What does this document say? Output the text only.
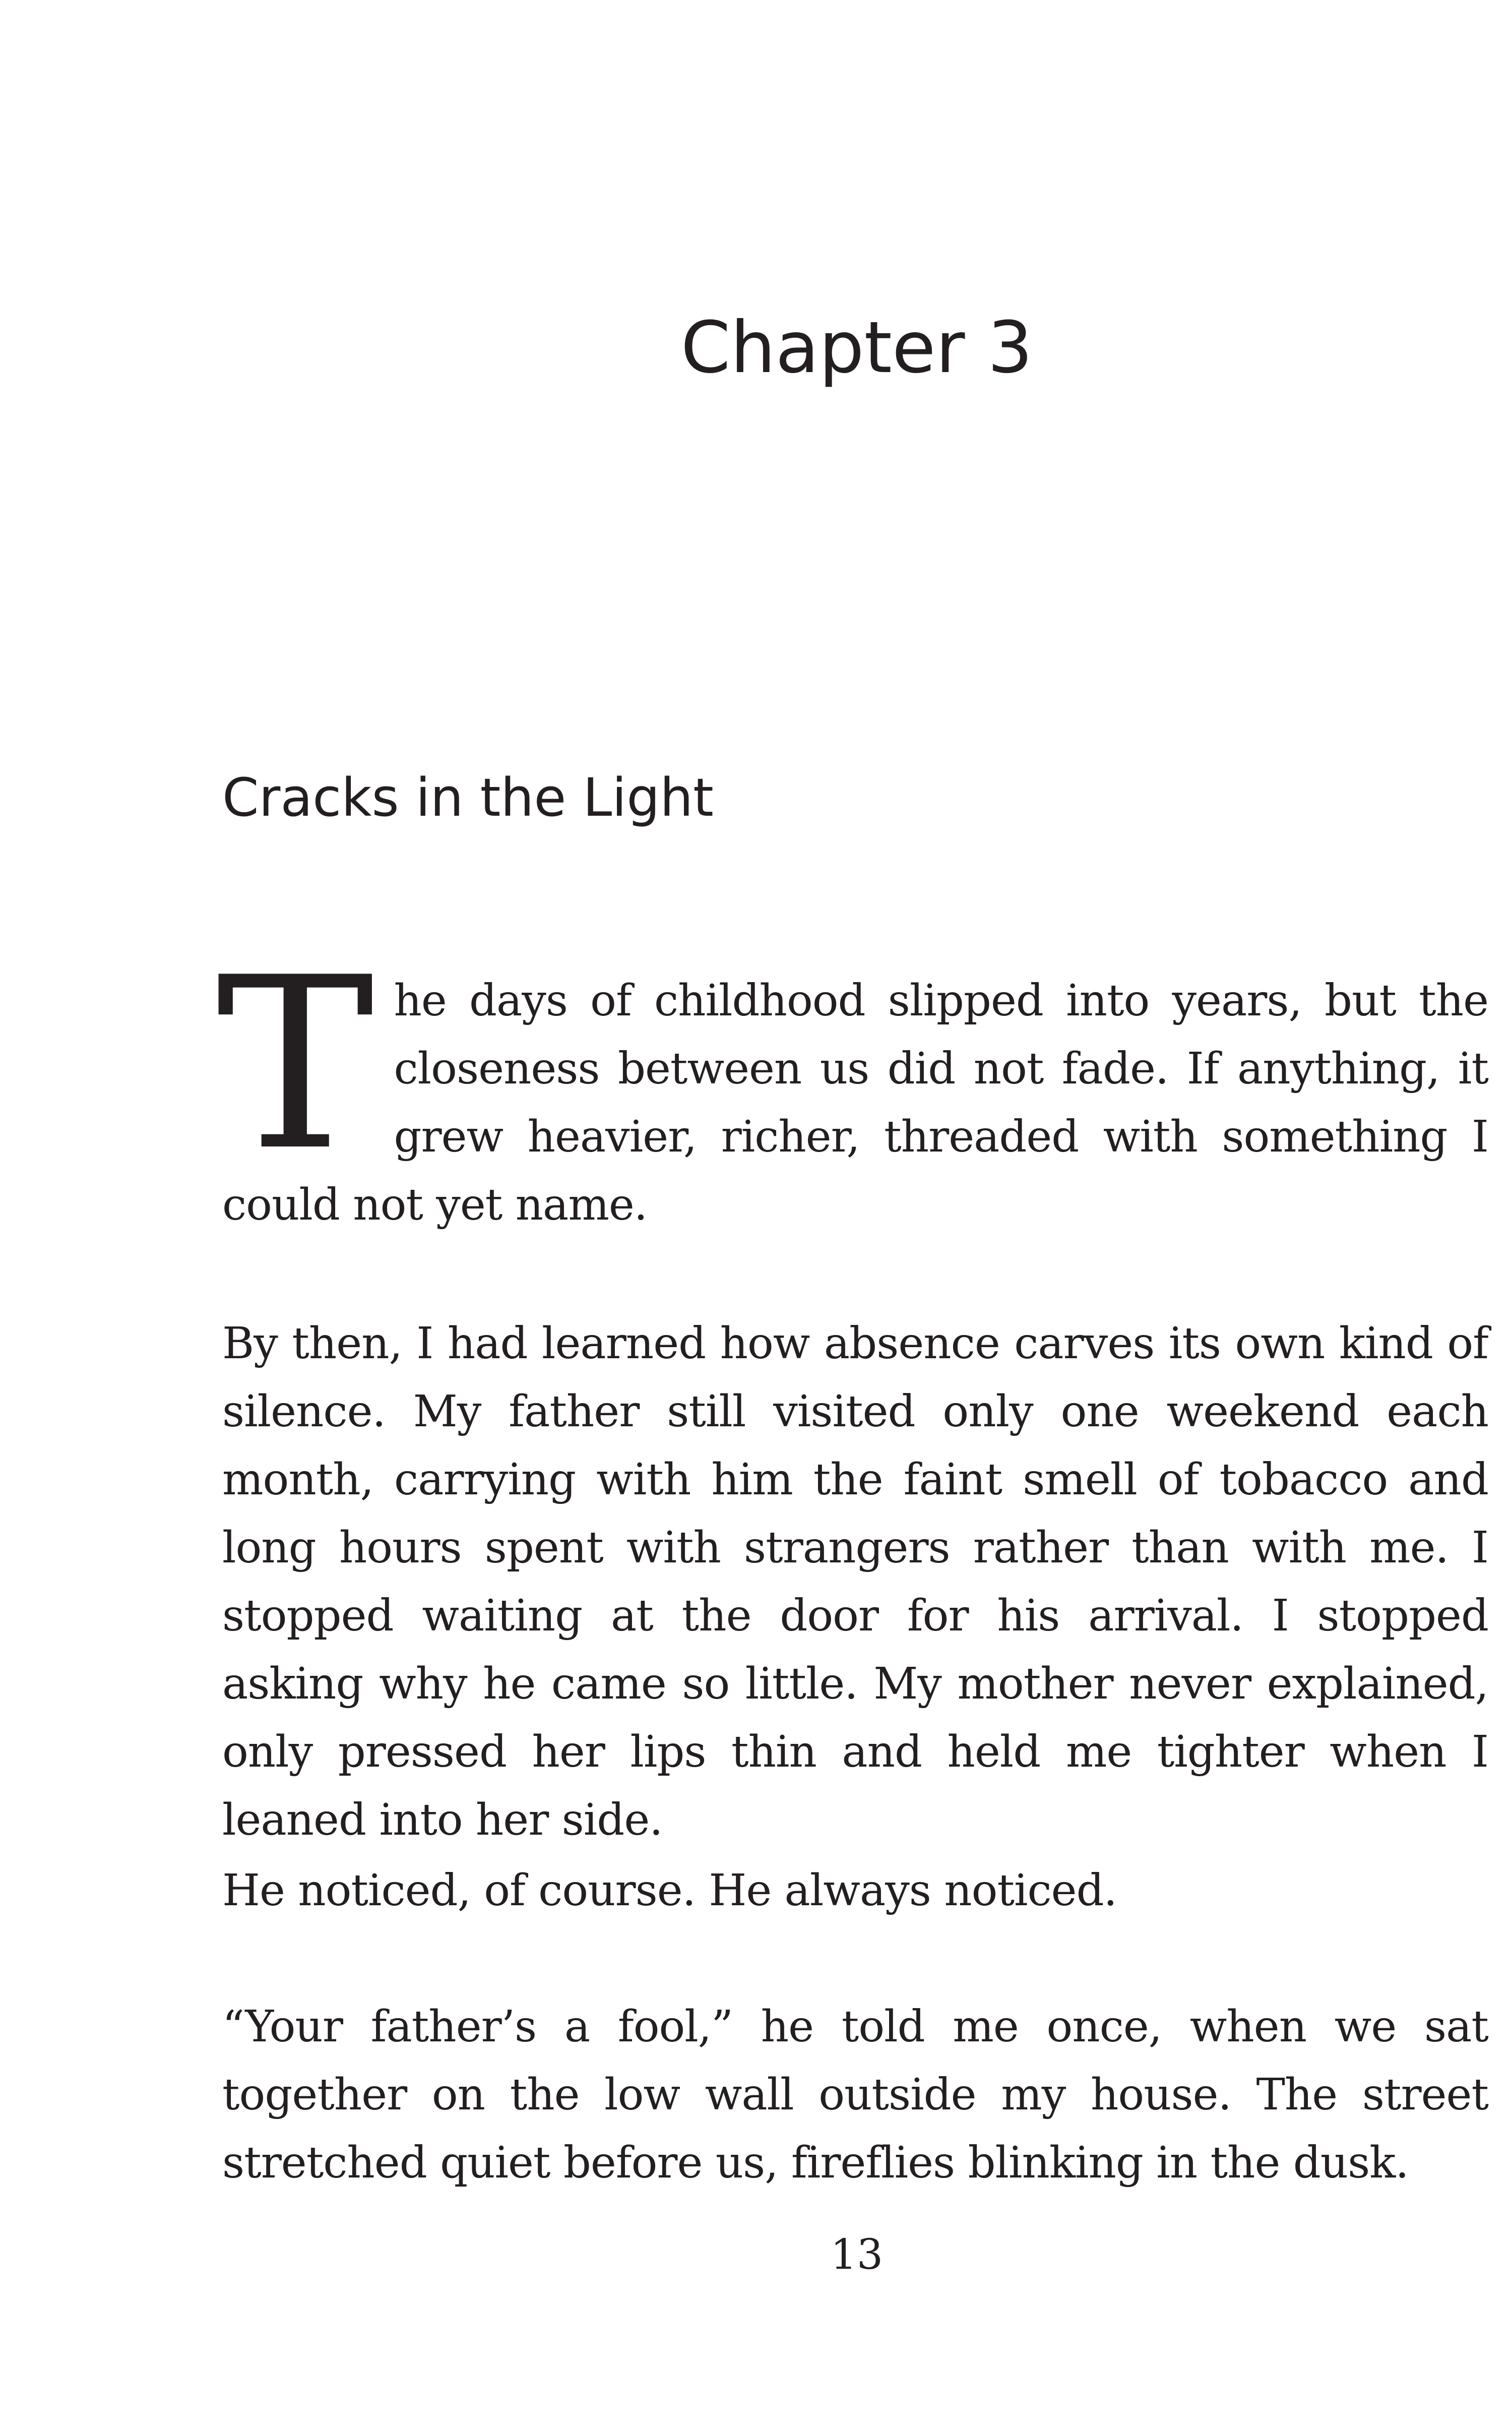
Chapter 3
Cracks in the Light

The days of childhood slipped into years, but the closeness between us did not fade. If anything, it grew heavier, richer, threaded with something I could not yet name.

By then, I had learned how absence carves its own kind of silence. My father still visited only one weekend each month, carrying with him the faint smell of tobacco and long hours spent with strangers rather than with me. I stopped waiting at the door for his arrival. I stopped asking why he came so little. My mother never explained, only pressed her lips thin and held me tighter when I leaned into her side.

He noticed, of course. He always noticed.

“Your father’s a fool,” he told me once, when we sat together on the low wall outside my house. The street stretched quiet before us, fireflies blinking in the dusk.

13
